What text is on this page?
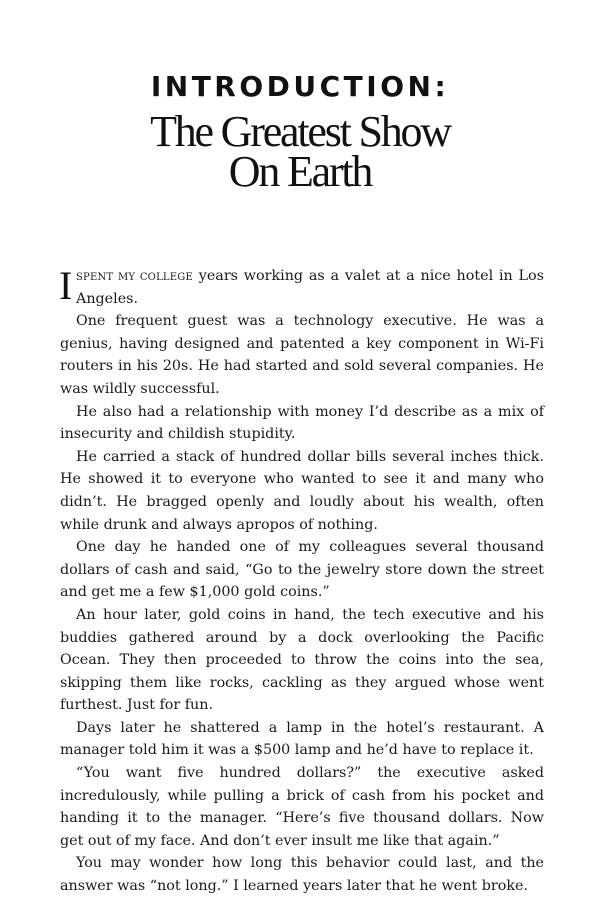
INTRODUCTION:
The Greatest Show
On Earth
I SPENT MY COLLEGE years working as a valet at a nice hotel in Los
Angeles.
One frequent guest was a technology executive. He was a
genius, having designed and patented a key component in Wi-Fi
routers in his 20s. He had started and sold several companies. He
was wildly successful.
He also had a relationship with money I’d describe as a mix of
insecurity and childish stupidity.
He carried a stack of hundred dollar bills several inches thick.
He showed it to everyone who wanted to see it and many who
didn’t. He bragged openly and loudly about his wealth, often
while drunk and always apropos of nothing.
One day he handed one of my colleagues several thousand
dollars of cash and said, “Go to the jewelry store down the street
and get me a few $1,000 gold coins.”
An hour later, gold coins in hand, the tech executive and his
buddies gathered around by a dock overlooking the Pacific
Ocean. They then proceeded to throw the coins into the sea,
skipping them like rocks, cackling as they argued whose went
furthest. Just for fun.
Days later he shattered a lamp in the hotel’s restaurant. A
manager told him it was a $500 lamp and he’d have to replace it.
“You want five hundred dollars?” the executive asked
incredulously, while pulling a brick of cash from his pocket and
handing it to the manager. “Here’s five thousand dollars. Now
get out of my face. And don’t ever insult me like that again.”
You may wonder how long this behavior could last, and the
answer was “not long.” I learned years later that he went broke.
